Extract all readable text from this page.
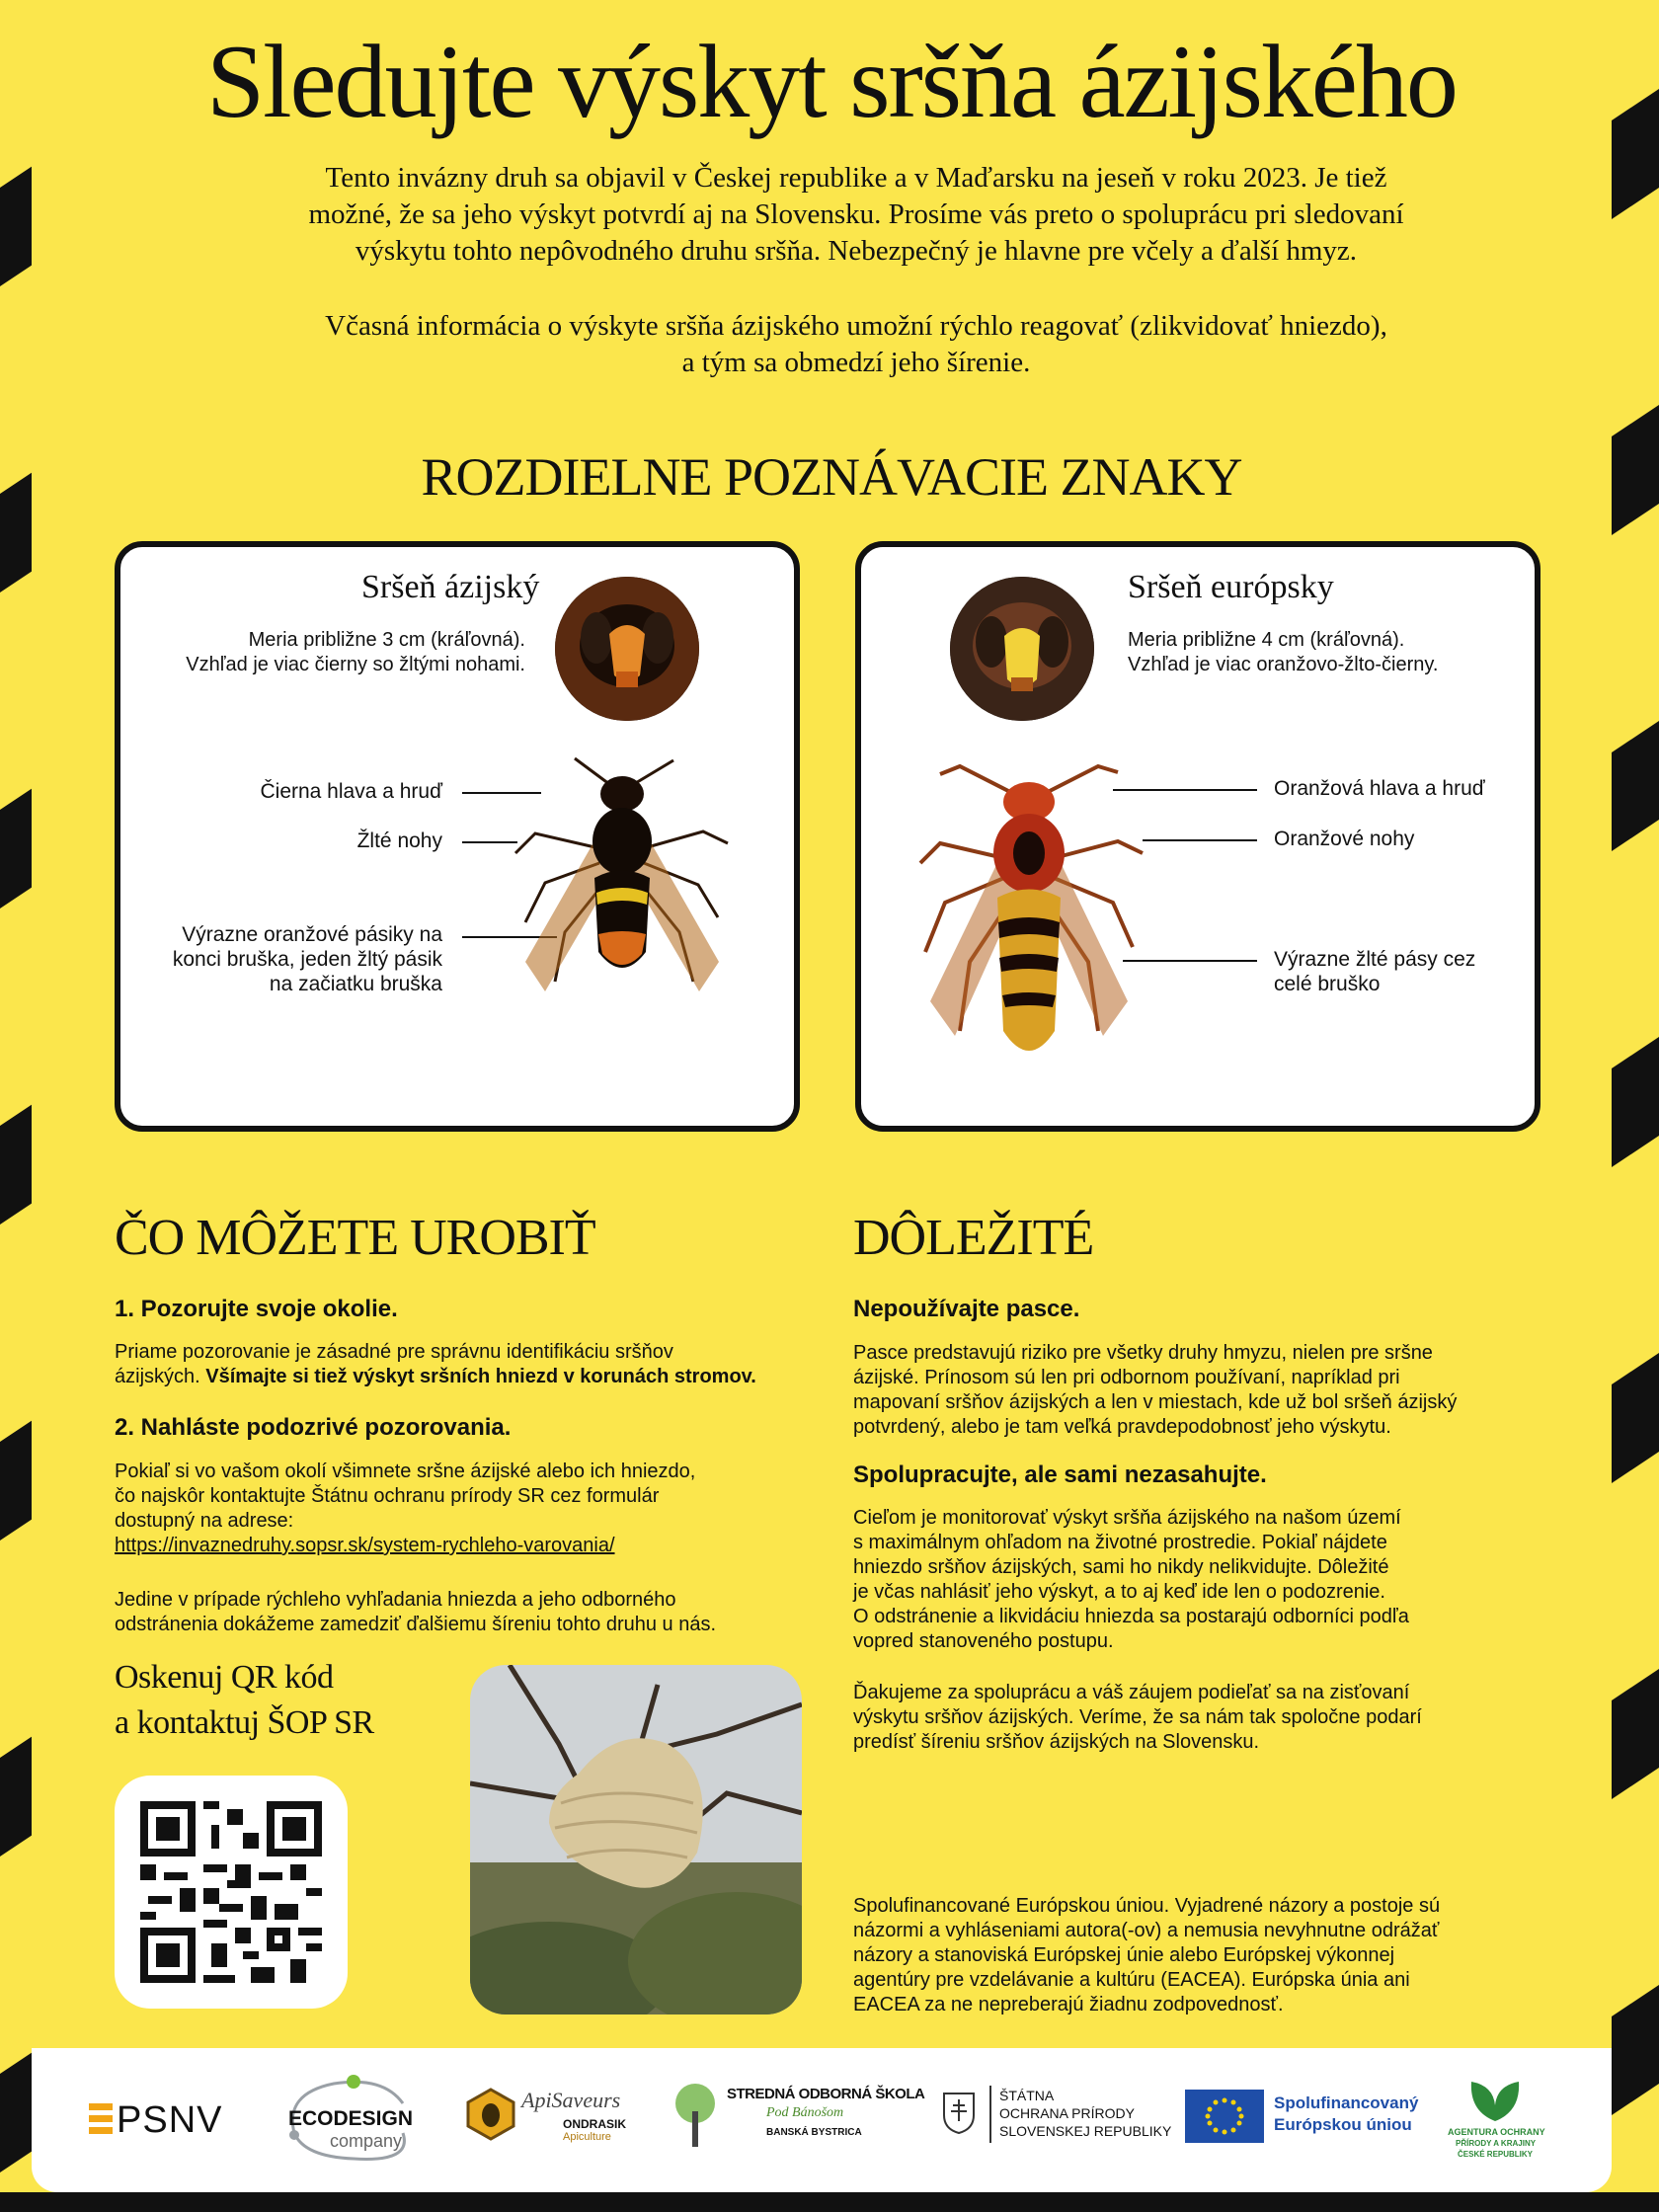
Sledujte výskyt sršňa ázijského
Tento invázny druh sa objavil v Českej republike a v Maďarsku na jeseň v roku 2023. Je tiež
možné, že sa jeho výskyt potvrdí aj na Slovensku. Prosíme vás preto o spoluprácu pri sledovaní
výskytu tohto nepôvodného druhu sršňa. Nebezpečný je hlavne pre včely a ďalší hmyz.
Včasná informácia o výskyte sršňa ázijského umožní rýchlo reagovať (zlikvidovať hniezdo),
a tým sa obmedzí jeho šírenie.
ROZDIELNE POZNÁVACIE ZNAKY
Sršeň ázijský
Meria približne 3 cm (kráľovná).
Vzhľad je viac čierny so žltými nohami.
Čierna hlava a hruď
Žlté nohy
Výrazne oranžové pásiky na
konci bruška, jeden žltý pásik
na začiatku bruška
Sršeň európsky
Meria približne 4 cm (kráľovná).
Vzhľad je viac oranžovo-žlto-čierny.
Oranžová hlava a hruď
Oranžové nohy
Výrazne žlté pásy cez
celé bruško
ČO MÔŽETE UROBIŤ
1. Pozorujte svoje okolie.
Priame pozorovanie je zásadné pre správnu identifikáciu sršňov
ázijských. Všímajte si tiež výskyt sršních hniezd v korunách stromov.
2. Nahláste podozrivé pozorovania.
Pokiaľ si vo vašom okolí všimnete sršne ázijské alebo ich hniezdo,
čo najskôr kontaktujte Štátnu ochranu prírody SR cez formulár
dostupný na adrese:
https://invaznedruhy.sopsr.sk/system-rychleho-varovania/
Jedine v prípade rýchleho vyhľadania hniezda a jeho odborného
odstránenia dokážeme zamedziť ďalšiemu šíreniu tohto druhu u nás.
Oskenuj QR kód
a kontaktuj ŠOP SR
DÔLEŽITÉ
Nepoužívajte pasce.
Pasce predstavujú riziko pre všetky druhy hmyzu, nielen pre sršne
ázijské. Prínosom sú len pri odbornom používaní, napríklad pri
mapovaní sršňov ázijských a len v miestach, kde už bol sršeň ázijský
potvrdený, alebo je tam veľká pravdepodobnosť jeho výskytu.
Spolupracujte, ale sami nezasahujte.
Cieľom je monitorovať výskyt sršňa ázijského na našom území
s maximálnym ohľadom na životné prostredie. Pokiaľ nájdete
hniezdo sršňov ázijských, sami ho nikdy nelikvidujte. Dôležité
je včas nahlásiť jeho výskyt, a to aj keď ide len o podozrenie.
O odstránenie a likvidáciu hniezda sa postarajú odborníci podľa
vopred stanoveného postupu.
Ďakujeme za spoluprácu a váš záujem podieľať sa na zisťovaní
výskytu sršňov ázijských. Veríme, že sa nám tak spoločne podarí
predísť šíreniu sršňov ázijských na Slovensku.
Spolufinancované Európskou úniou. Vyjadrené názory a postoje sú
názormi a vyhláseniami autora(-ov) a nemusia nevyhnutne odrážať
názory a stanoviská Európskej únie alebo Európskej výkonnej
agentúry pre vzdelávanie a kultúru (EACEA). Európska únia ani
EACEA za ne nepreberajú žiadnu zodpovednosť.
PSNV	ECODESIGN
company
ApiSaveurs
ONDRASIK
Apiculture
STREDNÁ ODBORNÁ ŠKOLA
Pod Bánošom
BANSKÁ BYSTRICA
ŠTÁTNA
OCHRANA PRÍRODY
SLOVENSKEJ REPUBLIKY
Spolufinancovaný
Európskou úniou	AGENTURA OCHRANY
PŘÍRODY A KRAJINY
ČESKÉ REPUBLIKY
